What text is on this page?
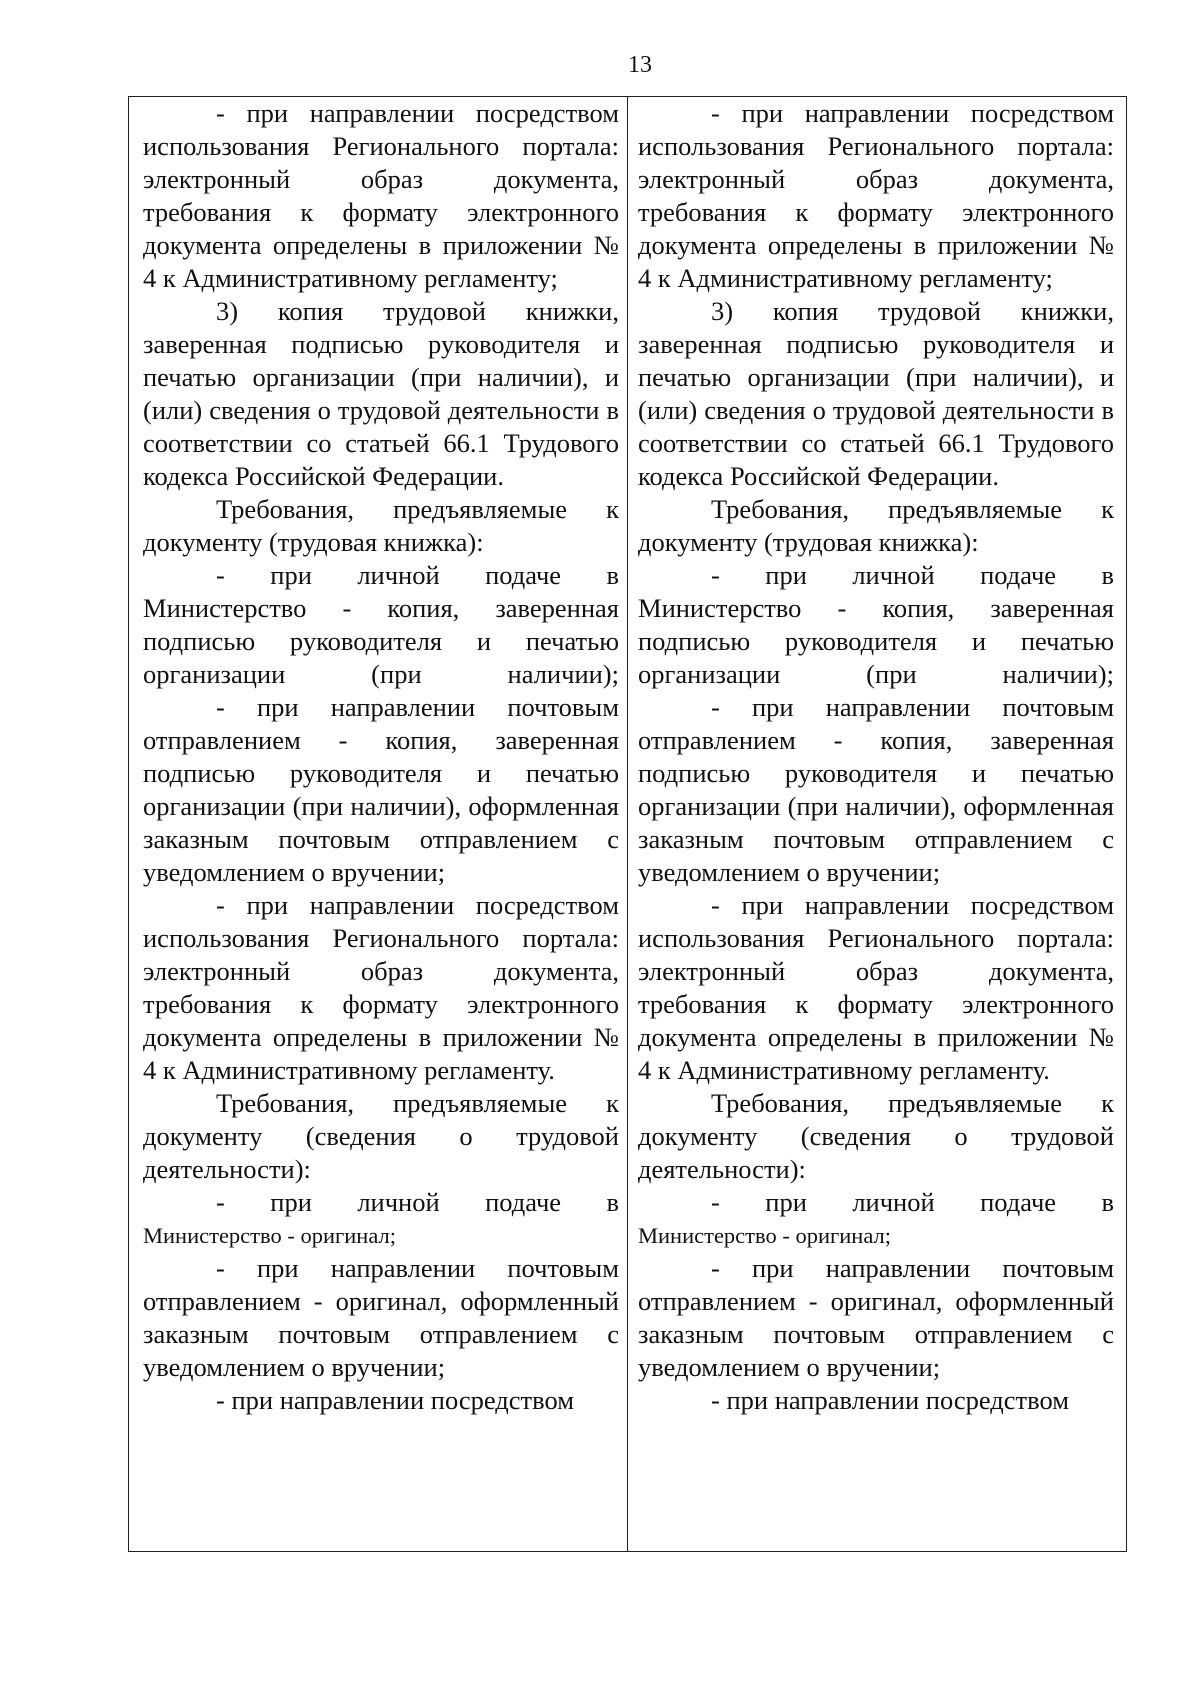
13

- при направлении посредством использования Регионального портала: электронный образ документа, требования к формату электронного документа определены в приложении № 4 к Административному регламенту;

3) копия трудовой книжки, заверенная подписью руководителя и печатью организации (при наличии), и (или) сведения о трудовой деятельности в соответствии со статьей 66.1 Трудового кодекса Российской Федерации.

Требования, предъявляемые к документу (трудовая книжка):

- при личной подаче в Министерство - копия, заверенная подписью руководителя и печатью организации (при наличии);

- при направлении почтовым отправлением - копия, заверенная подписью руководителя и печатью организации (при наличии), оформленная заказным почтовым отправлением с уведомлением о вручении;

- при направлении посредством использования Регионального портала: электронный образ документа, требования к формату электронного документа определены в приложении № 4 к Административному регламенту.

Требования, предъявляемые к документу (сведения о трудовой деятельности):

- при личной подаче в

Министерство - оригинал;

- при направлении почтовым отправлением - оригинал, оформленный заказным почтовым отправлением с уведомлением о вручении;

- при направлении посредством

- при направлении посредством использования Регионального портала: электронный образ документа, требования к формату электронного документа определены в приложении № 4 к Административному регламенту;

3) копия трудовой книжки, заверенная подписью руководителя и печатью организации (при наличии), и (или) сведения о трудовой деятельности в соответствии со статьей 66.1 Трудового кодекса Российской Федерации.

Требования, предъявляемые к документу (трудовая книжка):

- при личной подаче в Министерство - копия, заверенная подписью руководителя и печатью организации (при наличии);

- при направлении почтовым отправлением - копия, заверенная подписью руководителя и печатью организации (при наличии), оформленная заказным почтовым отправлением с уведомлением о вручении;

- при направлении посредством использования Регионального портала: электронный образ документа, требования к формату электронного документа определены в приложении № 4 к Административному регламенту.

Требования, предъявляемые к документу (сведения о трудовой деятельности):

- при личной подаче в

Министерство - оригинал;

- при направлении почтовым отправлением - оригинал, оформленный заказным почтовым отправлением с уведомлением о вручении;

- при направлении посредством
